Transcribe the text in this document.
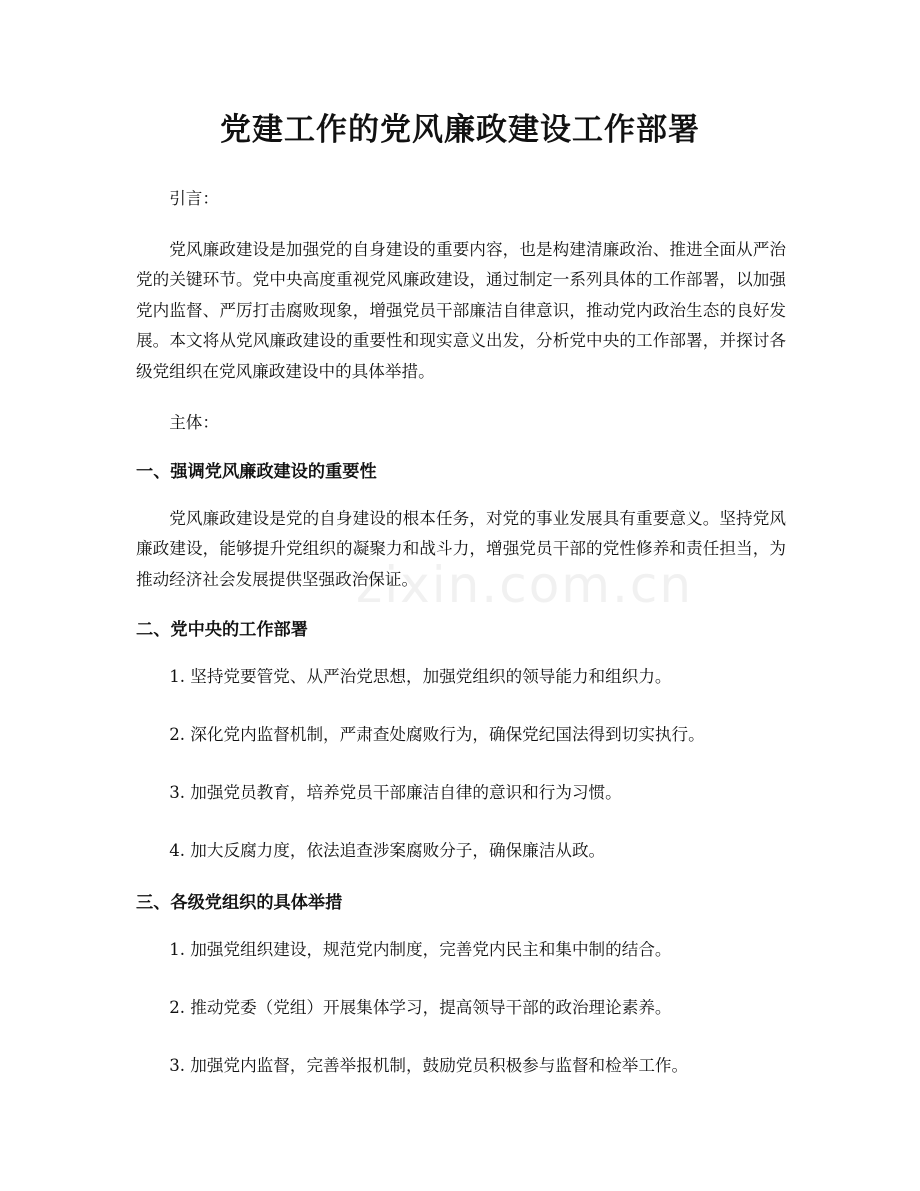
党建工作的党风廉政建设工作部署
zixin.com.cn

引言：

党风廉政建设是加强党的自身建设的重要内容，也是构建清廉政治、推进全面从严治党的关键环节。党中央高度重视党风廉政建设，通过制定一系列具体的工作部署，以加强党内监督、严厉打击腐败现象，增强党员干部廉洁自律意识，推动党内政治生态的良好发展。本文将从党风廉政建设的重要性和现实意义出发，分析党中央的工作部署，并探讨各级党组织在党风廉政建设中的具体举措。

主体：

一、强调党风廉政建设的重要性

党风廉政建设是党的自身建设的根本任务，对党的事业发展具有重要意义。坚持党风廉政建设，能够提升党组织的凝聚力和战斗力，增强党员干部的党性修养和责任担当，为推动经济社会发展提供坚强政治保证。

二、党中央的工作部署
1. 坚持党要管党、从严治党思想，加强党组织的领导能力和组织力。
2. 深化党内监督机制，严肃查处腐败行为，确保党纪国法得到切实执行。
3. 加强党员教育，培养党员干部廉洁自律的意识和行为习惯。
4. 加大反腐力度，依法追查涉案腐败分子，确保廉洁从政。
三、各级党组织的具体举措
1. 加强党组织建设，规范党内制度，完善党内民主和集中制的结合。
2. 推动党委（党组）开展集体学习，提高领导干部的政治理论素养。
3. 加强党内监督，完善举报机制，鼓励党员积极参与监督和检举工作。
